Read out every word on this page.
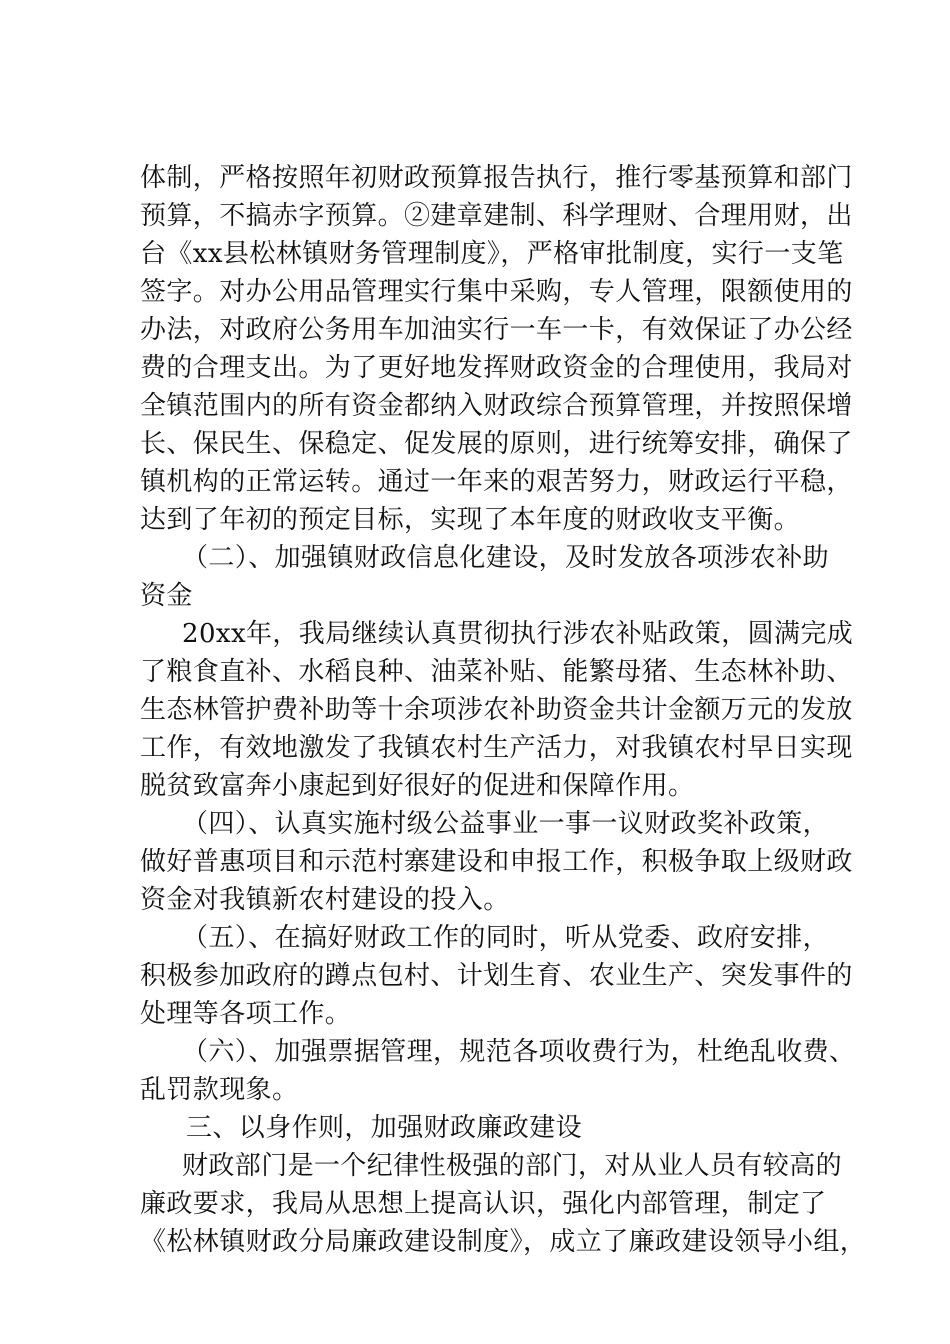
体制，严格按照年初财政预算报告执行，推行零基预算和部门
预算，不搞赤字预算。②建章建制、科学理财、合理用财，出
台《xx县松林镇财务管理制度》，严格审批制度，实行一支笔
签字。对办公用品管理实行集中采购，专人管理，限额使用的
办法，对政府公务用车加油实行一车一卡，有效保证了办公经
费的合理支出。为了更好地发挥财政资金的合理使用，我局对
全镇范围内的所有资金都纳入财政综合预算管理，并按照保增
长、保民生、保稳定、促发展的原则，进行统筹安排，确保了
镇机构的正常运转。通过一年来的艰苦努力，财政运行平稳，
达到了年初的预定目标，实现了本年度的财政收支平衡。
（二）、加强镇财政信息化建设，及时发放各项涉农补助
资金
20xx年，我局继续认真贯彻执行涉农补贴政策，圆满完成
了粮食直补、水稻良种、油菜补贴、能繁母猪、生态林补助、
生态林管护费补助等十余项涉农补助资金共计金额万元的发放
工作，有效地激发了我镇农村生产活力，对我镇农村早日实现
脱贫致富奔小康起到好很好的促进和保障作用。
（四）、认真实施村级公益事业一事一议财政奖补政策，
做好普惠项目和示范村寨建设和申报工作，积极争取上级财政
资金对我镇新农村建设的投入。
（五）、在搞好财政工作的同时，听从党委、政府安排，
积极参加政府的蹲点包村、计划生育、农业生产、突发事件的
处理等各项工作。
（六）、加强票据管理，规范各项收费行为，杜绝乱收费、
乱罚款现象。
三、以身作则，加强财政廉政建设
财政部门是一个纪律性极强的部门，对从业人员有较高的
廉政要求，我局从思想上提高认识，强化内部管理，制定了
《松林镇财政分局廉政建设制度》，成立了廉政建设领导小组，
